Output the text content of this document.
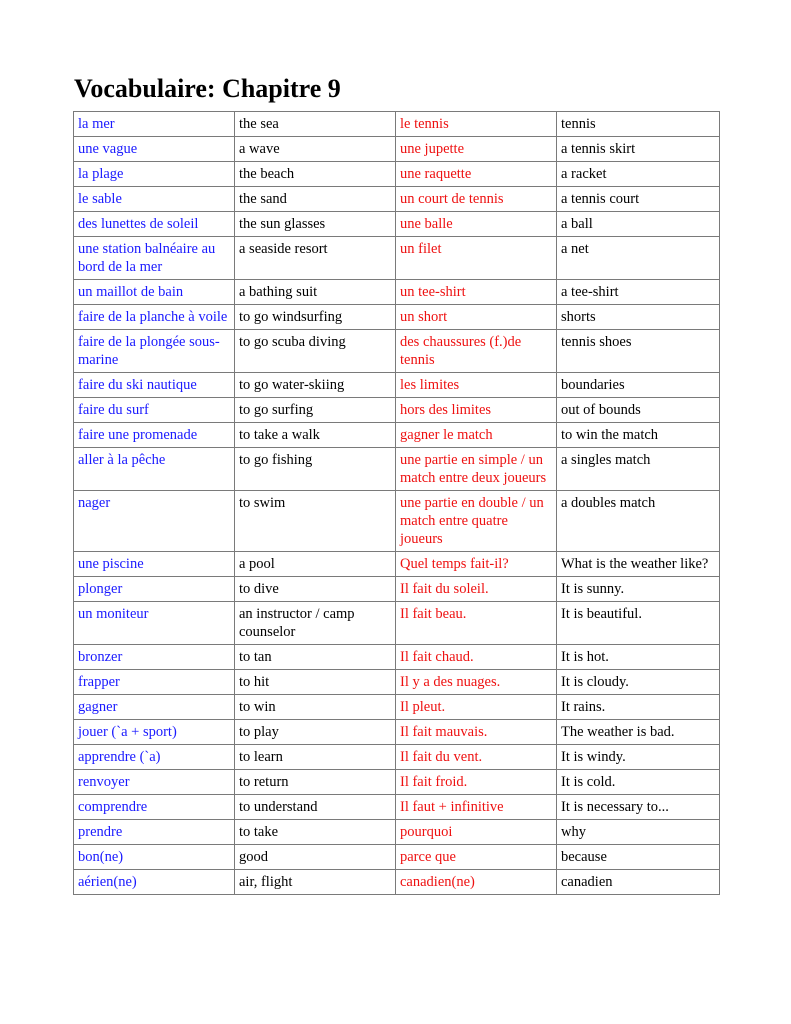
Vocabulaire: Chapitre 9
la mer	the sea	le tennis	tennis
une vague	a wave	une jupette	a tennis skirt
la plage	the beach	une raquette	a racket
le sable	the sand	un court de tennis	a tennis court
des lunettes de soleil	the sun glasses	une balle	a ball
une station balnéaire au bord de la mer	a seaside resort	un filet	a net
un maillot de bain	a bathing suit	un tee-shirt	a tee-shirt
faire de la planche à voile	to go windsurfing	un short	shorts
faire de la plongée sous-marine	to go scuba diving	des chaussures (f.)de tennis	tennis shoes
faire du ski nautique	to go water-skiing	les limites	boundaries
faire du surf	to go surfing	hors des limites	out of bounds
faire une promenade	to take a walk	gagner le match	to win the match
aller à la pêche	to go fishing	une partie en simple / un match entre deux joueurs	a singles match
nager	to swim	une partie en double / un match entre quatre joueurs	a doubles match
une piscine	a pool	Quel temps fait-il?	What is the weather like?
plonger	to dive	Il fait du soleil.	It is sunny.
un moniteur	an instructor / camp counselor	Il fait beau.	It is beautiful.
bronzer	to tan	Il fait chaud.	It is hot.
frapper	to hit	Il y a des nuages.	It is cloudy.
gagner	to win	Il pleut.	It rains.
jouer (`a + sport)	to play	Il fait mauvais.	The weather is bad.
apprendre (`a)	to learn	Il fait du vent.	It is windy.
renvoyer	to return	Il fait froid.	It is cold.
comprendre	to understand	Il faut + infinitive	It is necessary to...
prendre	to take	pourquoi	why
bon(ne)	good	parce que	because
aérien(ne)	air, flight	canadien(ne)	canadien
